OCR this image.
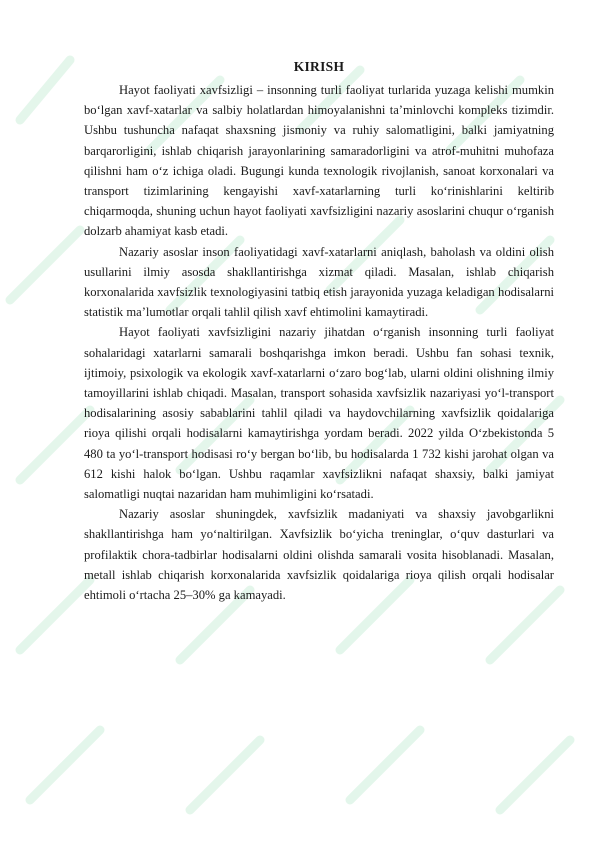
KIRISH

Hayot faoliyati xavfsizligi – insonning turli faoliyat turlarida yuzaga kelishi mumkin bo‘lgan xavf-xatarlar va salbiy holatlardan himoyalanishni ta’minlovchi kompleks tizimdir. Ushbu tushuncha nafaqat shaxsning jismoniy va ruhiy salomatligini, balki jamiyatning barqarorligini, ishlab chiqarish jarayonlarining samaradorligini va atrof-muhitni muhofaza qilishni ham o‘z ichiga oladi. Bugungi kunda texnologik rivojlanish, sanoat korxonalari va transport tizimlarining kengayishi xavf-xatarlarning turli ko‘rinishlarini keltirib chiqarmoqda, shuning uchun hayot faoliyati xavfsizligini nazariy asoslarini chuqur o‘rganish dolzarb ahamiyat kasb etadi.

Nazariy asoslar inson faoliyatidagi xavf-xatarlarni aniqlash, baholash va oldini olish usullarini ilmiy asosda shakllantirishga xizmat qiladi. Masalan, ishlab chiqarish korxonalarida xavfsizlik texnologiyasini tatbiq etish jarayonida yuzaga keladigan hodisalarni statistik ma’lumotlar orqali tahlil qilish xavf ehtimolini kamaytiradi.

Hayot faoliyati xavfsizligini nazariy jihatdan o‘rganish insonning turli faoliyat sohalaridagi xatarlarni samarali boshqarishga imkon beradi. Ushbu fan sohasi texnik, ijtimoiy, psixologik va ekologik xavf-xatarlarni o‘zaro bog‘lab, ularni oldini olishning ilmiy tamoyillarini ishlab chiqadi. Masalan, transport sohasida xavfsizlik nazariyasi yo‘l-transport hodisalarining asosiy sabablarini tahlil qiladi va haydovchilarning xavfsizlik qoidalariga rioya qilishi orqali hodisalarni kamaytirishga yordam beradi. 2022 yilda O‘zbekistonda 5 480 ta yo‘l-transport hodisasi ro‘y bergan bo‘lib, bu hodisalarda 1 732 kishi jarohat olgan va 612 kishi halok bo‘lgan. Ushbu raqamlar xavfsizlikni nafaqat shaxsiy, balki jamiyat salomatligi nuqtai nazaridan ham muhimligini ko‘rsatadi.

Nazariy asoslar shuningdek, xavfsizlik madaniyati va shaxsiy javobgarlikni shakllantirishga ham yo‘naltirilgan. Xavfsizlik bo‘yicha treninglar, o‘quv dasturlari va profilaktik chora-tadbirlar hodisalarni oldini olishda samarali vosita hisoblanadi. Masalan, metall ishlab chiqarish korxonalarida xavfsizlik qoidalariga rioya qilish orqali hodisalar ehtimoli o‘rtacha 25–30% ga kamayadi.
